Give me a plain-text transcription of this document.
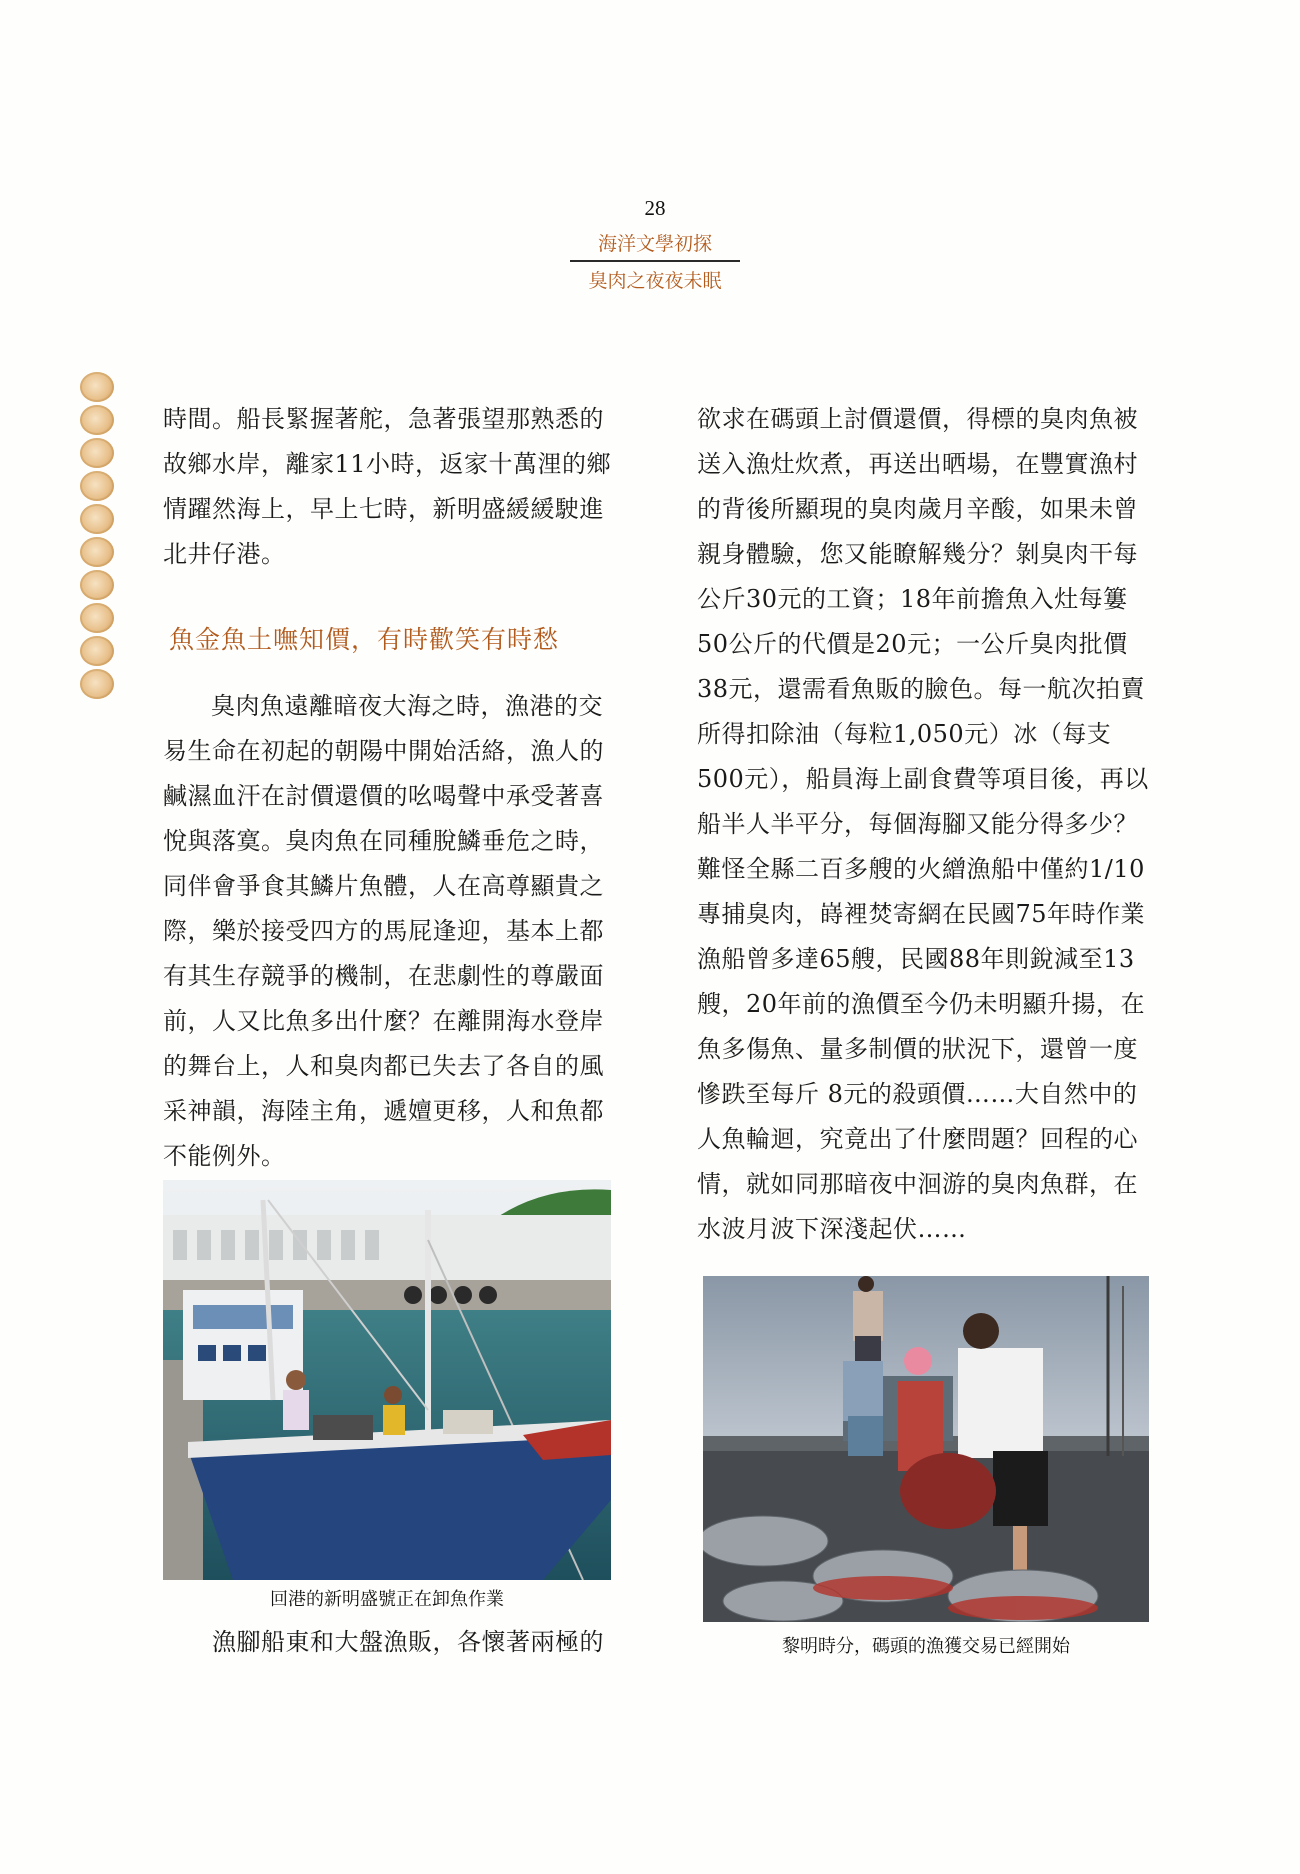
28
海洋文學初探
臭肉之夜夜未眠

時間。船長緊握著舵，急著張望那熟悉的故鄉水岸，離家11小時，返家十萬浬的鄉情躍然海上，早上七時，新明盛緩緩駛進北井仔港。

魚金魚土嘸知價，有時歡笑有時愁

臭肉魚遠離暗夜大海之時，漁港的交易生命在初起的朝陽中開始活絡，漁人的鹹濕血汗在討價還價的吆喝聲中承受著喜悅與落寞。臭肉魚在同種脫鱗垂危之時，同伴會爭食其鱗片魚體，人在高尊顯貴之際，樂於接受四方的馬屁逢迎，基本上都有其生存競爭的機制，在悲劇性的尊嚴面前，人又比魚多出什麼？在離開海水登岸的舞台上，人和臭肉都已失去了各自的風采神韻，海陸主角，遞嬗更移，人和魚都不能例外。

回港的新明盛號正在卸魚作業
漁腳船東和大盤漁販，各懷著兩極的

欲求在碼頭上討價還價，得標的臭肉魚被送入漁灶炊煮，再送出晒場，在豐實漁村的背後所顯現的臭肉歲月辛酸，如果未曾親身體驗，您又能瞭解幾分？剝臭肉干每公斤30元的工資；18年前擔魚入灶每簍50公斤的代價是20元；一公斤臭肉批價38元，還需看魚販的臉色。每一航次拍賣所得扣除油（每粒1,050元）冰（每支500元），船員海上副食費等項目後，再以船半人半平分，每個海腳又能分得多少？難怪全縣二百多艘的火繒漁船中僅約1/10專捕臭肉，嵵裡焚寄網在民國75年時作業漁船曾多達65艘，民國88年則銳減至13艘，20年前的漁價至今仍未明顯升揚，在魚多傷魚、量多制價的狀況下，還曾一度慘跌至每斤 8元的殺頭價……大自然中的人魚輪迴，究竟出了什麼問題？回程的心情，就如同那暗夜中洄游的臭肉魚群，在水波月波下深淺起伏……

黎明時分，碼頭的漁獲交易已經開始
